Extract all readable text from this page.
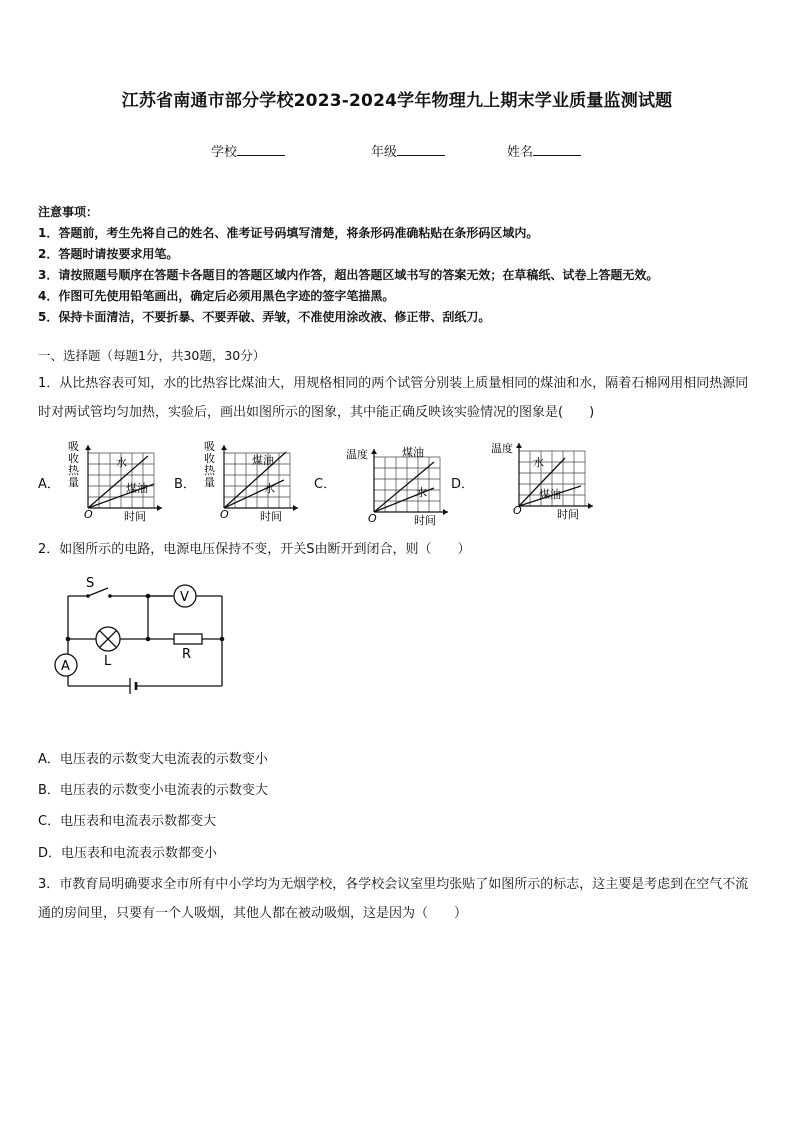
江苏省南通市部分学校2023-2024学年物理九上期末学业质量监测试题
学校	年级	姓名
注意事项：
1．答题前，考生先将自己的姓名、准考证号码填写清楚，将条形码准确粘贴在条形码区域内。
2．答题时请按要求用笔。
3．请按照题号顺序在答题卡各题目的答题区域内作答，超出答题区域书写的答案无效；在草稿纸、试卷上答题无效。
4．作图可先使用铅笔画出，确定后必须用黑色字迹的签字笔描黑。
5．保持卡面清洁，不要折暴、不要弄破、弄皱，不准使用涂改液、修正带、刮纸刀。
一、选择题（每题1分，共30题，30分）
1．从比热容表可知，水的比热容比煤油大，用规格相同的两个试管分别装上质量相同的煤油和水，隔着石棉网用相同热源同时对两试管均匀加热，实验后，画出如图所示的图象，其中能正确反映该实验情况的图象是(　　)
A．
吸收热量
O	时间
水
煤油 B．
吸收热量
O	时间
煤油
水	C．
温度
O	时间
煤油
水
D．
温度
O	时间
水
煤油
2．如图所示的电路，电源电压保持不变，开关S由断开到闭合，则（　　）
V
L	R
A
S
A．电压表的示数变大电流表的示数变小
B．电压表的示数变小电流表的示数变大
C．电压表和电流表示数都变大
D．电压表和电流表示数都变小
3．市教育局明确要求全市所有中小学均为无烟学校，各学校会议室里均张贴了如图所示的标志，这主要是考虑到在空气不流通的房间里，只要有一个人吸烟，其他人都在被动吸烟，这是因为（　　）
